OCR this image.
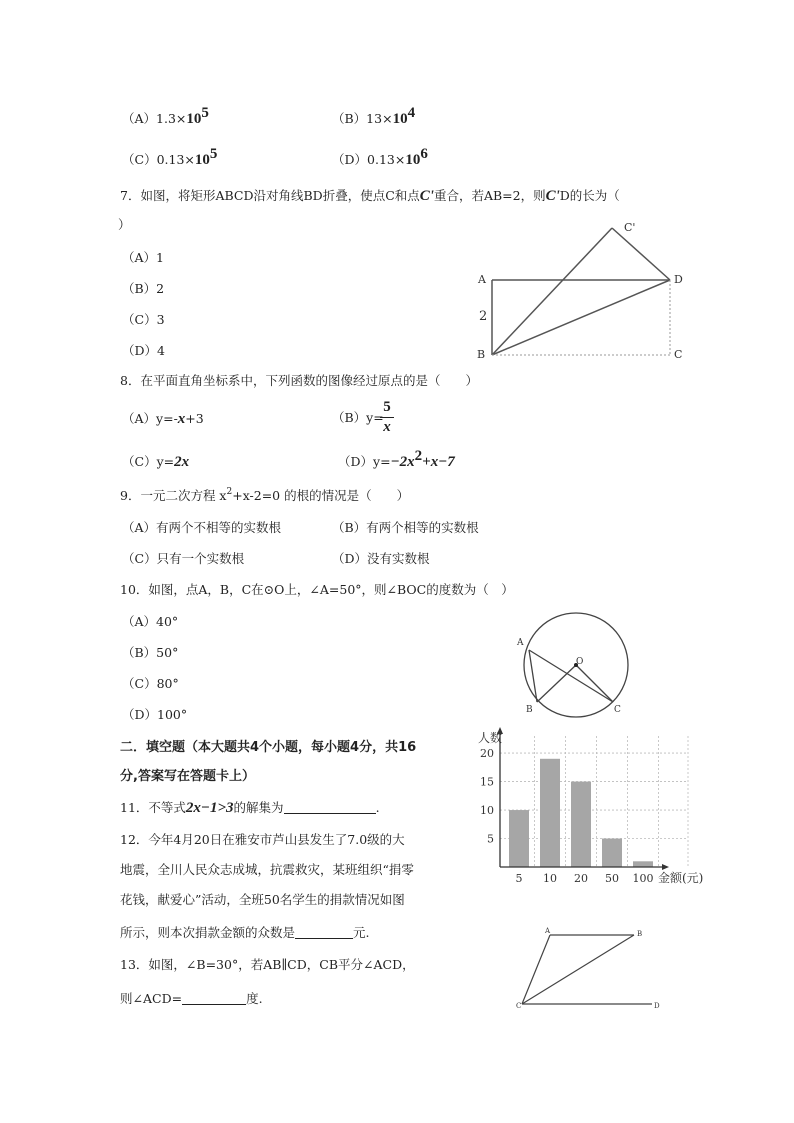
$(A)1.3\times 10^5$	$(B)13\times 10^4$
$(C)0.13\times 10^5$	$(D)0.13\times 10^6$
7．如图，将矩形ABCD沿对角线BD折叠，使点C和点C'重合，若AB=2，则C'D的长为（
）
（A）1
（B）2
（C）3
（D）4
A
B	C
D
C'
2
8．在平面直角坐标系中，下列函数的图像经过原点的是（　　）
（A）y=-x+3	（B）y=
5
x
（C）y=2x	$(D)y=-2x^2+x-7$
9．一元二次方程 $x^2+x-2=0$ 的根的情况是（　　）
（A）有两个不相等的实数根	（B）有两个相等的实数根
（C）只有一个实数根	（D）没有实数根
10．如图，点A，B，C在⊙O上，∠A=50°，则∠BOC的度数为（　）
（A）40°
（B）50°
（C）80°
（D）100°
A
B	C
O
二．填空题（本大题共4个小题，每小题4分，共16
分,答案写在答题卡上）
11．不等式2x−1>3的解集为	.
12．今年4月20日在雅安市芦山县发生了7.0级的大
地震，全川人民众志成城，抗震救灾，某班组织“捐零
花钱，献爱心”活动，全班50名学生的捐款情况如图
所示，则本次捐款金额的众数是	元.
13．如图，∠B=30°，若AB∥CD，CB平分∠ACD，
则∠ACD=	度.
A	B
C	D
5
10
15
20
5 10 20 50 100
人数
金额(元)
